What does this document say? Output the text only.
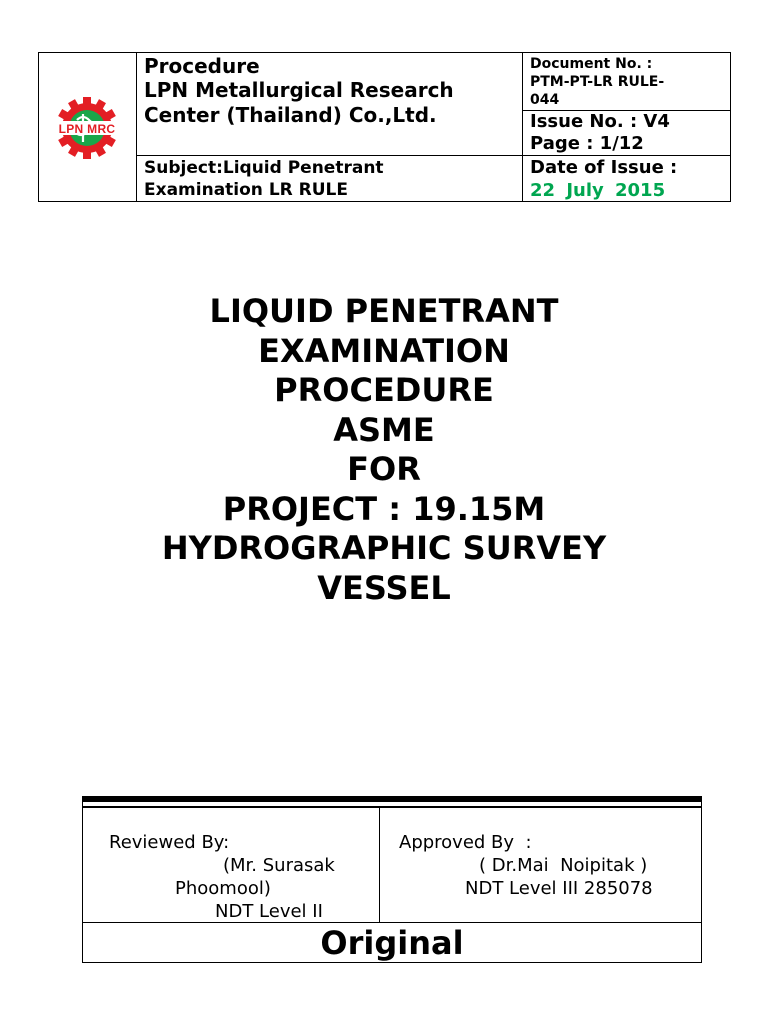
LPN MRC
Procedure
LPN Metallurgical Research
Center (Thailand) Co.,Ltd.
Document No. :
PTM-PT-LR RULE-
044
Issue No. : V4
Page : 1/12
Subject:Liquid Penetrant
Examination LR RULE
Date of Issue :
22 July 2015
LIQUID PENETRANT
EXAMINATION
PROCEDURE
ASME
FOR
PROJECT : 19.15M
HYDROGRAPHIC SURVEY
VESSEL
Reviewed By:
(Mr. Surasak
Phoomool)
NDT Level II
Approved By  :
( Dr.Mai  Noipitak )
NDT Level III 285078
Original
